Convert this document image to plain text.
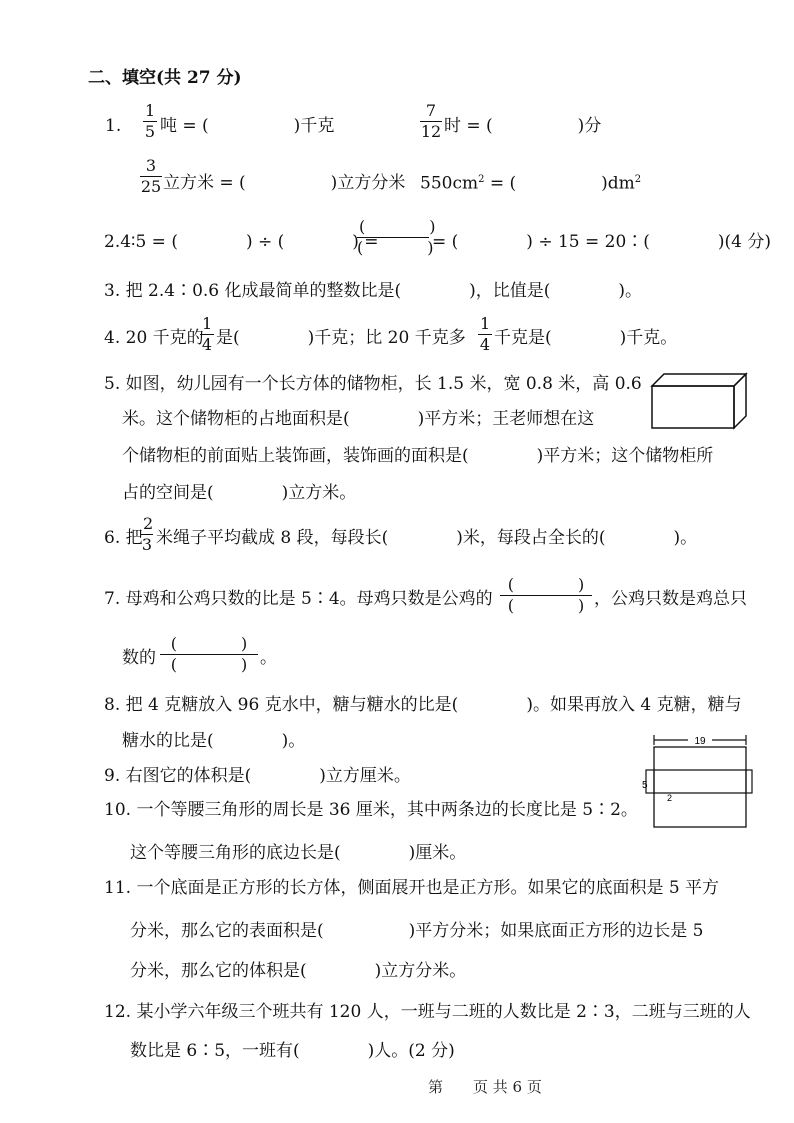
二、填空(共 27 分)
1. $\frac{1}{5}$ 吨 = (　　　　　)千克	$\frac{7}{12}$ 时 = (　　　　　)分
$\frac{3}{25}$ 立方米 = (　　　　　)立方分米 $550cm^2$ = (　　　　　)$dm^2$
2.4∶5 = (　　　　) ÷ (　　　　) =
(　　　　)
(　　　　)
= (　　　　) ÷ 15 = 20∶(　　　　)(4 分)
3. 把 2.4∶0.6 化成最简单的整数比是(　　　　)，比值是(　　　　)。
4. 20 千克的
$\frac{1}{4}$ 是(　　　　)千克；比 20 千克多 $\frac{1}{4}$ 千克是(　　　　)千克。
5. 如图，幼儿园有一个长方体的储物柜，长 1.5 米，宽 0.8 米，高 0.6
米。这个储物柜的占地面积是(　　　　)平方米；王老师想在这
个储物柜的前面贴上装饰画，装饰画的面积是(　　　　)平方米；这个储物柜所
占的空间是(　　　　)立方米。
6. 把
$\frac{2}{3}$ 米绳子平均截成 8 段，每段长(　　　　)米，每段占全长的(　　　　)。
7. 母鸡和公鸡只数的比是 5∶4。母鸡只数是公鸡的
(　　　　)
(　　　　) ，公鸡只数是鸡总只
数的
(　　　　)
(　　　　) 。
8. 把 4 克糖放入 96 克水中，糖与糖水的比是(　　　　)。如果再放入 4 克糖，糖与
糖水的比是(　　　　)。
9. 右图它的体积是(　　　　)立方厘米。
19
5
2
10. 一个等腰三角形的周长是 36 厘米，其中两条边的长度比是 5∶2。
这个等腰三角形的底边长是(　　　　)厘米。
11. 一个底面是正方形的长方体，侧面展开也是正方形。如果它的底面积是 5 平方
分米，那么它的表面积是(　　　　　)平方分米；如果底面正方形的边长是 5
分米，那么它的体积是(　　　　)立方分米。
12. 某小学六年级三个班共有 120 人，一班与二班的人数比是 2∶3，二班与三班的人
数比是 6∶5，一班有(　　　　)人。(2 分)
第　　页 共 6 页
